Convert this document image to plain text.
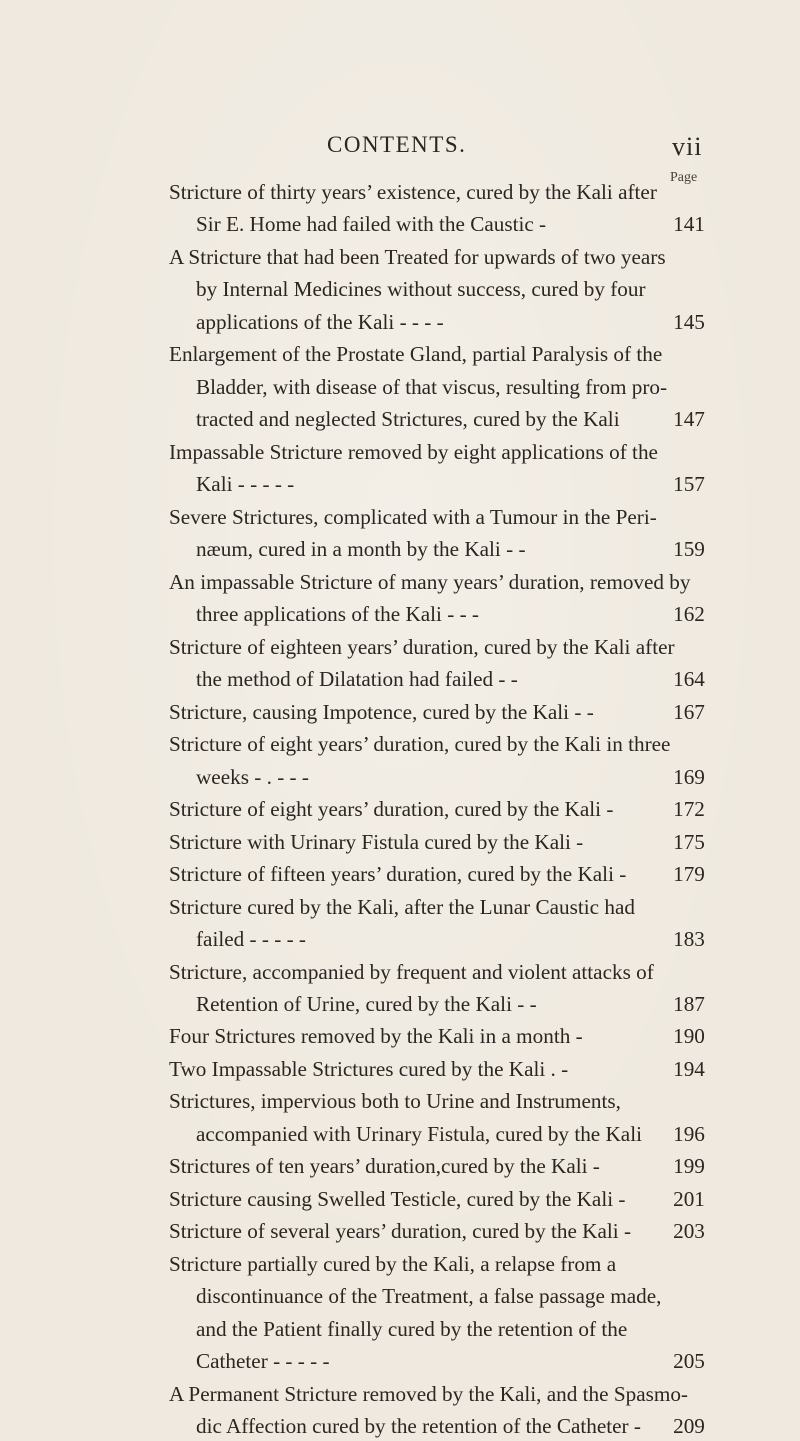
CONTENTS.	vii
Page
Stricture of thirty years’ existence, cured by the Kali after
Sir E. Home had failed with the Caustic -	141
A Stricture that had been Treated for upwards of two years
by Internal Medicines without success, cured by four
applications of the Kali - - - -	145
Enlargement of the Prostate Gland, partial Paralysis of the
Bladder, with disease of that viscus, resulting from pro-
tracted and neglected Strictures, cured by the Kali	147
Impassable Stricture removed by eight applications of the
Kali - - - - -	157
Severe Strictures, complicated with a Tumour in the Peri-
næum, cured in a month by the Kali - -	159
An impassable Stricture of many years’ duration, removed by
three applications of the Kali - - -	162
Stricture of eighteen years’ duration, cured by the Kali after
the method of Dilatation had failed - -	164
Stricture, causing Impotence, cured by the Kali - -	167
Stricture of eight years’ duration, cured by the Kali in three
weeks - . - - -	169
Stricture of eight years’ duration, cured by the Kali -	172
Stricture with Urinary Fistula cured by the Kali -	175
Stricture of fifteen years’ duration, cured by the Kali - 179
Stricture cured by the Kali, after the Lunar Caustic had
failed - - - - -	183
Stricture, accompanied by frequent and violent attacks of
Retention of Urine, cured by the Kali - -	187
Four Strictures removed by the Kali in a month -	190
Two Impassable Strictures cured by the Kali . -	194
Strictures, impervious both to Urine and Instruments,
accompanied with Urinary Fistula, cured by the Kali 196
Strictures of ten years’ duration,cured by the Kali -	199
Stricture causing Swelled Testicle, cured by the Kali - 201
Stricture of several years’ duration, cured by the Kali - 203
Stricture partially cured by the Kali, a relapse from a
discontinuance of the Treatment, a false passage made,
and the Patient finally cured by the retention of the
Catheter - - - - -	205
A Permanent Stricture removed by the Kali, and the Spasmo-
dic Affection cured by the retention of the Catheter - 209
